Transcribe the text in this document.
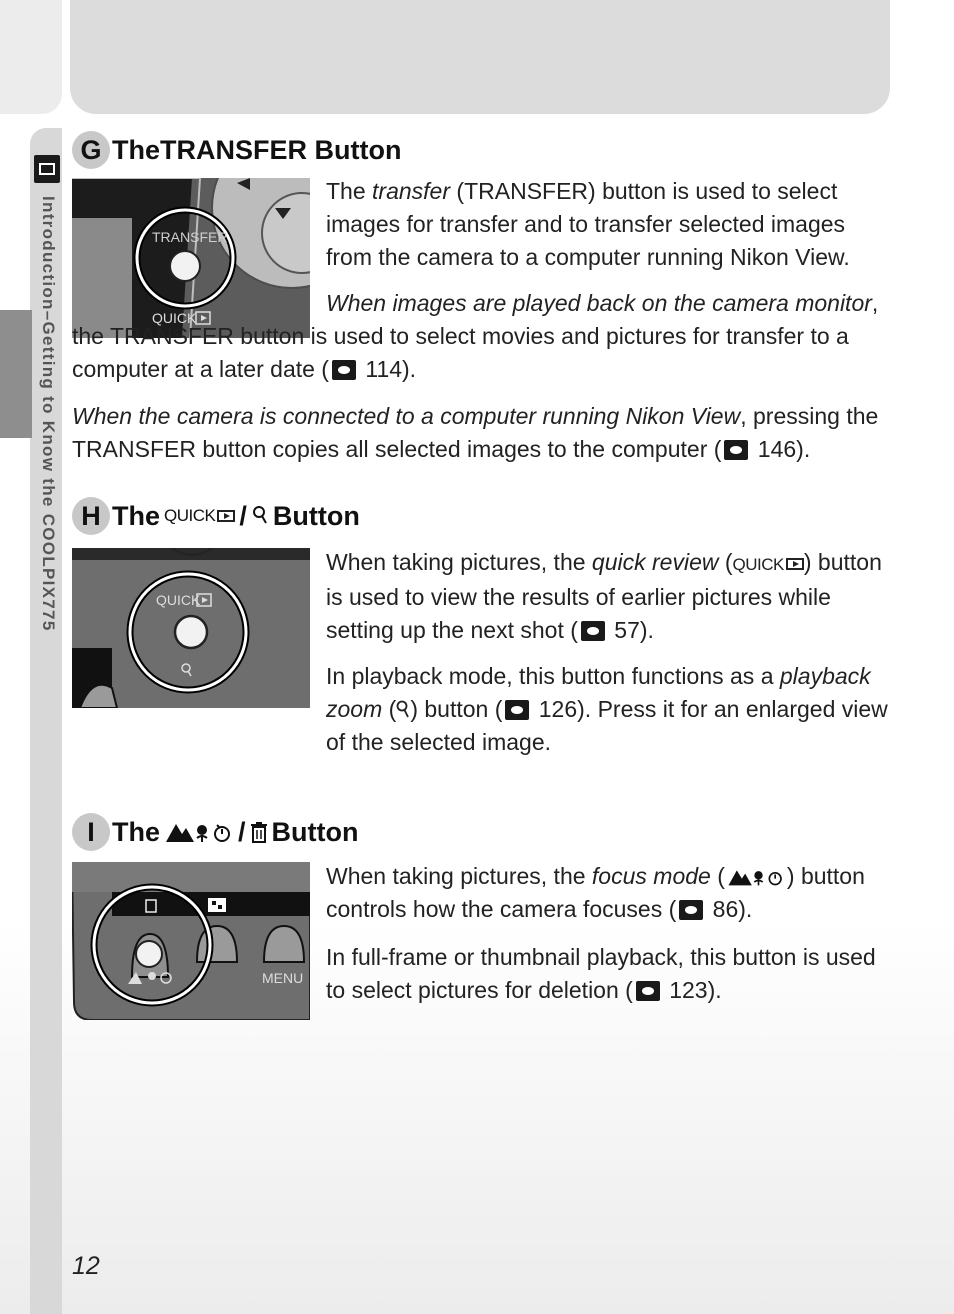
Introduction–Getting to Know the COOLPIX775
G The TRANSFER Button
TRANSFER
QUICK

The transfer (TRANSFER) button is used to select images for transfer and to transfer selected images from the camera to a computer running Nikon View.

When images are played back on the camera monitor, the TRANSFER button is used to select movies and pictures for transfer to a computer at a later date ( 114).

When the camera is connected to a computer running Nikon View, pressing the TRANSFER button copies all selected images to the computer ( 146).

H The QUICK / Button
QUICK

When taking pictures, the quick review (QUICK ) button is used to view the results of earlier pictures while setting up the next shot ( 57).

In playback mode, this button functions as a playback zoom ( ) button ( 126). Press it for an enlarged view of the selected image.

I The	/ Button
MENU

When taking pictures, the focus mode (	) button controls how the camera focuses ( 86).

In full-frame or thumbnail playback, this button is used to select pictures for deletion ( 123).

12
